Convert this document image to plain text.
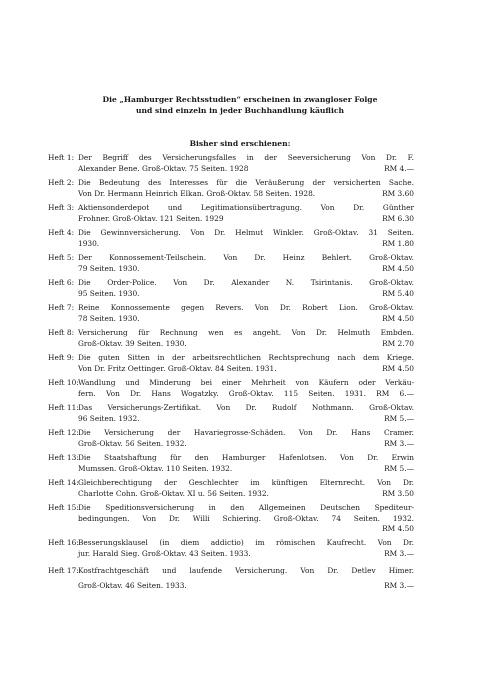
Die „Hamburger Rechtsstudien“ erscheinen in zwangloser Folge
und sind einzeln in jeder Buchhandlung käuflich
Bisher sind erschienen:
Heft 1: Der Begriff des Versicherungsfalles in der Seeversicherung Von Dr. F.
Alexander Bene. Groß-Oktav. 75 Seiten. 1928	RM 4.—
Heft 2: Die Bedeutung des Interesses für die Veräußerung der versicherten Sache.
Von Dr. Hermann Heinrich Elkan. Groß-Oktav. 58 Seiten. 1928.	RM 3.60
Heft 3: Aktiensonderdepot und Legitimationsübertragung. Von Dr. Günther
Frohner. Groß-Oktav. 121 Seiten. 1929	RM 6.30
Heft 4: Die Gewinnversicherung. Von Dr. Helmut Winkler. Groß-Oktav. 31 Seiten.
1930.	RM 1.80
Heft 5: Der Konnossement-Teilschein. Von Dr. Heinz Behlert. Groß-Oktav.
79 Seiten. 1930.	RM 4.50
Heft 6: Die Order-Police. Von Dr. Alexander N. Tsirintanis. Groß-Oktav.
95 Seiten. 1930.	RM 5.40
Heft 7: Reine Konnossemente gegen Revers. Von Dr. Robert Lion. Groß-Oktav.
78 Seiten. 1930.	RM 4.50
Heft 8: Versicherung für Rechnung wen es angeht. Von Dr. Helmuth Embden.
Groß-Oktav. 39 Seiten. 1930.	RM 2.70
Heft 9: Die guten Sitten in der arbeitsrechtlichen Rechtsprechung nach dem Kriege.
Von Dr. Fritz Oettinger. Groß-Oktav. 84 Seiten. 1931.	RM 4.50
Heft 10: Wandlung und Minderung bei einer Mehrheit von Käufern oder Verkäu-
fern. Von Dr. Hans Wogatzky. Groß-Oktav. 115 Seiten. 1931. RM 6.—
Heft 11: Das Versicherungs-Zertifikat. Von Dr. Rudolf Nothmann. Groß-Oktav.
96 Seiten. 1932.	RM 5.—
Heft 12: Die Versicherung der Havariegrosse-Schäden. Von Dr. Hans Cramer.
Groß-Oktav. 56 Seiten. 1932.	RM 3.—
Heft 13: Die Staatshaftung für den Hamburger Hafenlotsen. Von Dr. Erwin
Mumssen. Groß-Oktav. 110 Seiten. 1932.	RM 5.—
Heft 14: Gleichberechtigung der Geschlechter im künftigen Elternrecht. Von Dr.
Charlotte Cohn. Groß-Oktav. XI u. 56 Seiten. 1932.	RM 3.50
Heft 15: Die Speditionsversicherung in den Allgemeinen Deutschen Spediteur-
bedingungen. Von Dr. Willi Schiering. Groß-Oktav. 74 Seiten. 1932.
RM 4.50
Heft 16: Besserungsklausel (in diem addictio) im römischen Kaufrecht. Von Dr.
jur. Harald Sieg. Groß-Oktav. 43 Seiten. 1933.	RM 3.—
Heft 17: Kostfrachtgeschäft und laufende Versicherung. Von Dr. Detlev Himer.
Groß-Oktav. 46 Seiten. 1933.	RM 3.—
